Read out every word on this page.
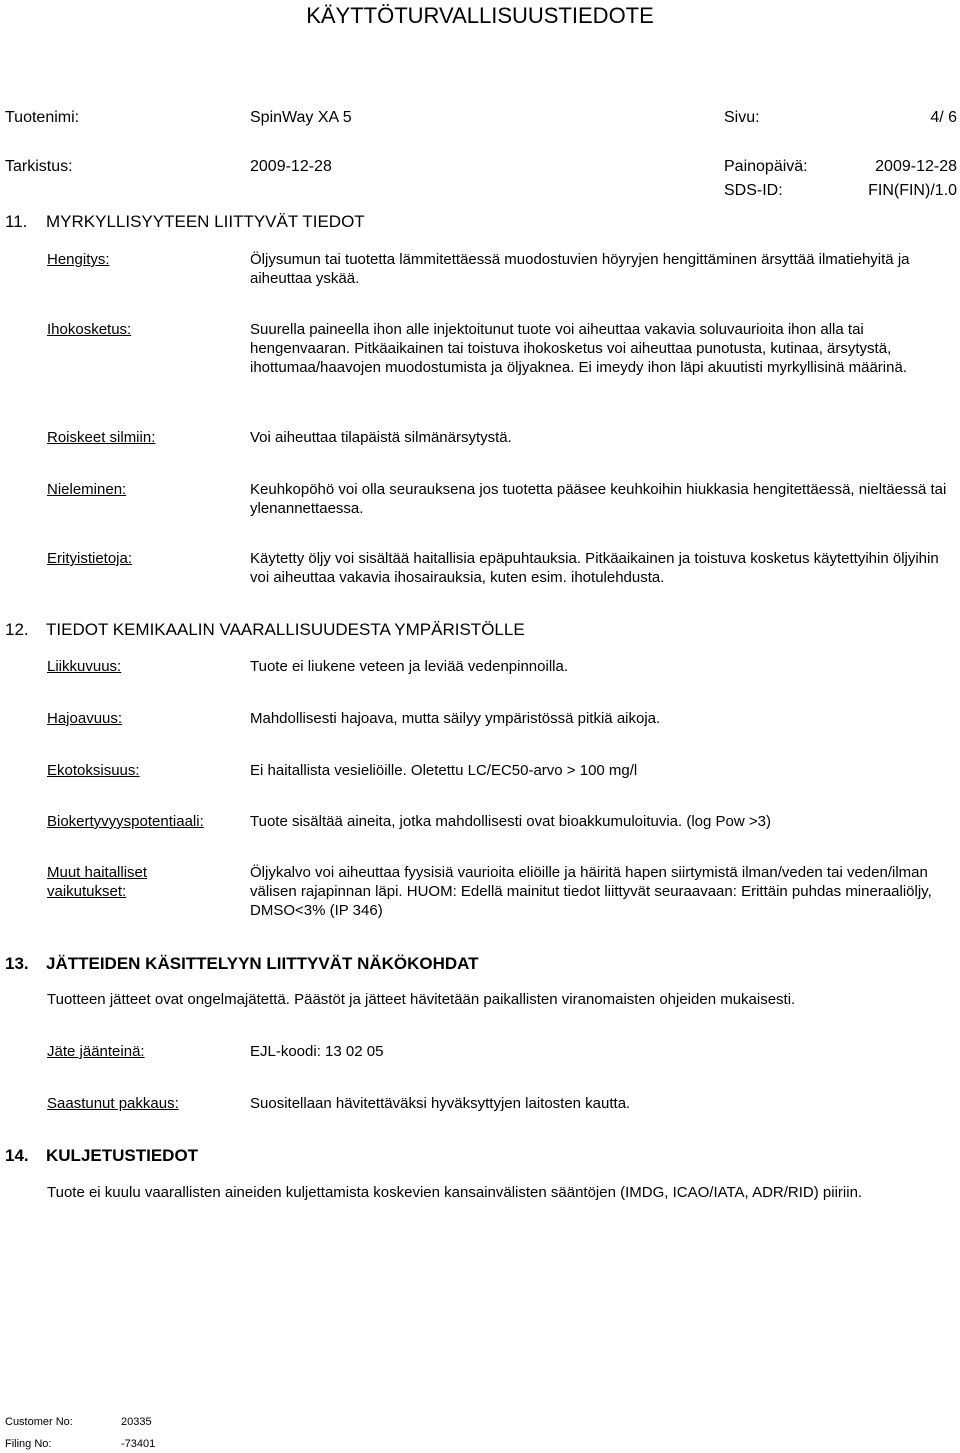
KÄYTTÖTURVALLISUUSTIEDOTE
Tuotenimi:	SpinWay XA 5	Sivu:	4/ 6
Tarkistus:	2009-12-28	Painopäivä:	2009-12-28
SDS-ID:	FIN(FIN)/1.0
11. MYRKYLLISYYTEEN LIITTYVÄT TIEDOT
Hengitys:	Öljysumun tai tuotetta lämmitettäessä muodostuvien höyryjen hengittäminen ärsyttää ilmatiehyitä ja aiheuttaa yskää.
Ihokosketus:	Suurella paineella ihon alle injektoitunut tuote voi aiheuttaa vakavia soluvaurioita ihon alla tai hengenvaaran. Pitkäaikainen tai toistuva ihokosketus voi aiheuttaa punotusta, kutinaa, ärsytystä, ihottumaa/haavojen muodostumista ja öljyaknea. Ei imeydy ihon läpi akuutisti myrkyllisinä määrinä.
Roiskeet silmiin:	Voi aiheuttaa tilapäistä silmänärsytystä.
Nieleminen:	Keuhkopöhö voi olla seurauksena jos tuotetta pääsee keuhkoihin hiukkasia hengitettäessä, nieltäessä tai ylenannettaessa.
Erityistietoja:	Käytetty öljy voi sisältää haitallisia epäpuhtauksia. Pitkäaikainen ja toistuva kosketus käytettyihin öljyihin voi aiheuttaa vakavia ihosairauksia, kuten esim. ihotulehdusta.
12. TIEDOT KEMIKAALIN VAARALLISUUDESTA YMPÄRISTÖLLE
Liikkuvuus:	Tuote ei liukene veteen ja leviää vedenpinnoilla.
Hajoavuus:	Mahdollisesti hajoava, mutta säilyy ympäristössä pitkiä aikoja.
Ekotoksisuus:	Ei haitallista vesieliöille. Oletettu LC/EC50-arvo > 100 mg/l
Biokertyvyyspotentiaali:	Tuote sisältää aineita, jotka mahdollisesti ovat bioakkumuloituvia. (log Pow >3)
Muut haitalliset vaikutukset:
Öljykalvo voi aiheuttaa fyysisiä vaurioita eliöille ja häiritä hapen siirtymistä ilman/veden tai veden/ilman välisen rajapinnan läpi. HUOM: Edellä mainitut tiedot liittyvät seuraavaan: Erittäin puhdas mineraaliöljy, DMSO<3% (IP 346)
13. JÄTTEIDEN KÄSITTELYYN LIITTYVÄT NÄKÖKOHDAT
Tuotteen jätteet ovat ongelmajätettä. Päästöt ja jätteet hävitetään paikallisten viranomaisten ohjeiden mukaisesti.
Jäte jäänteinä:	EJL-koodi: 13 02 05
Saastunut pakkaus:	Suositellaan hävitettäväksi hyväksyttyjen laitosten kautta.
14. KULJETUSTIEDOT
Tuote ei kuulu vaarallisten aineiden kuljettamista koskevien kansainvälisten sääntöjen (IMDG, ICAO/IATA, ADR/RID) piiriin.
Customer No:	20335
Filing No:	-73401
